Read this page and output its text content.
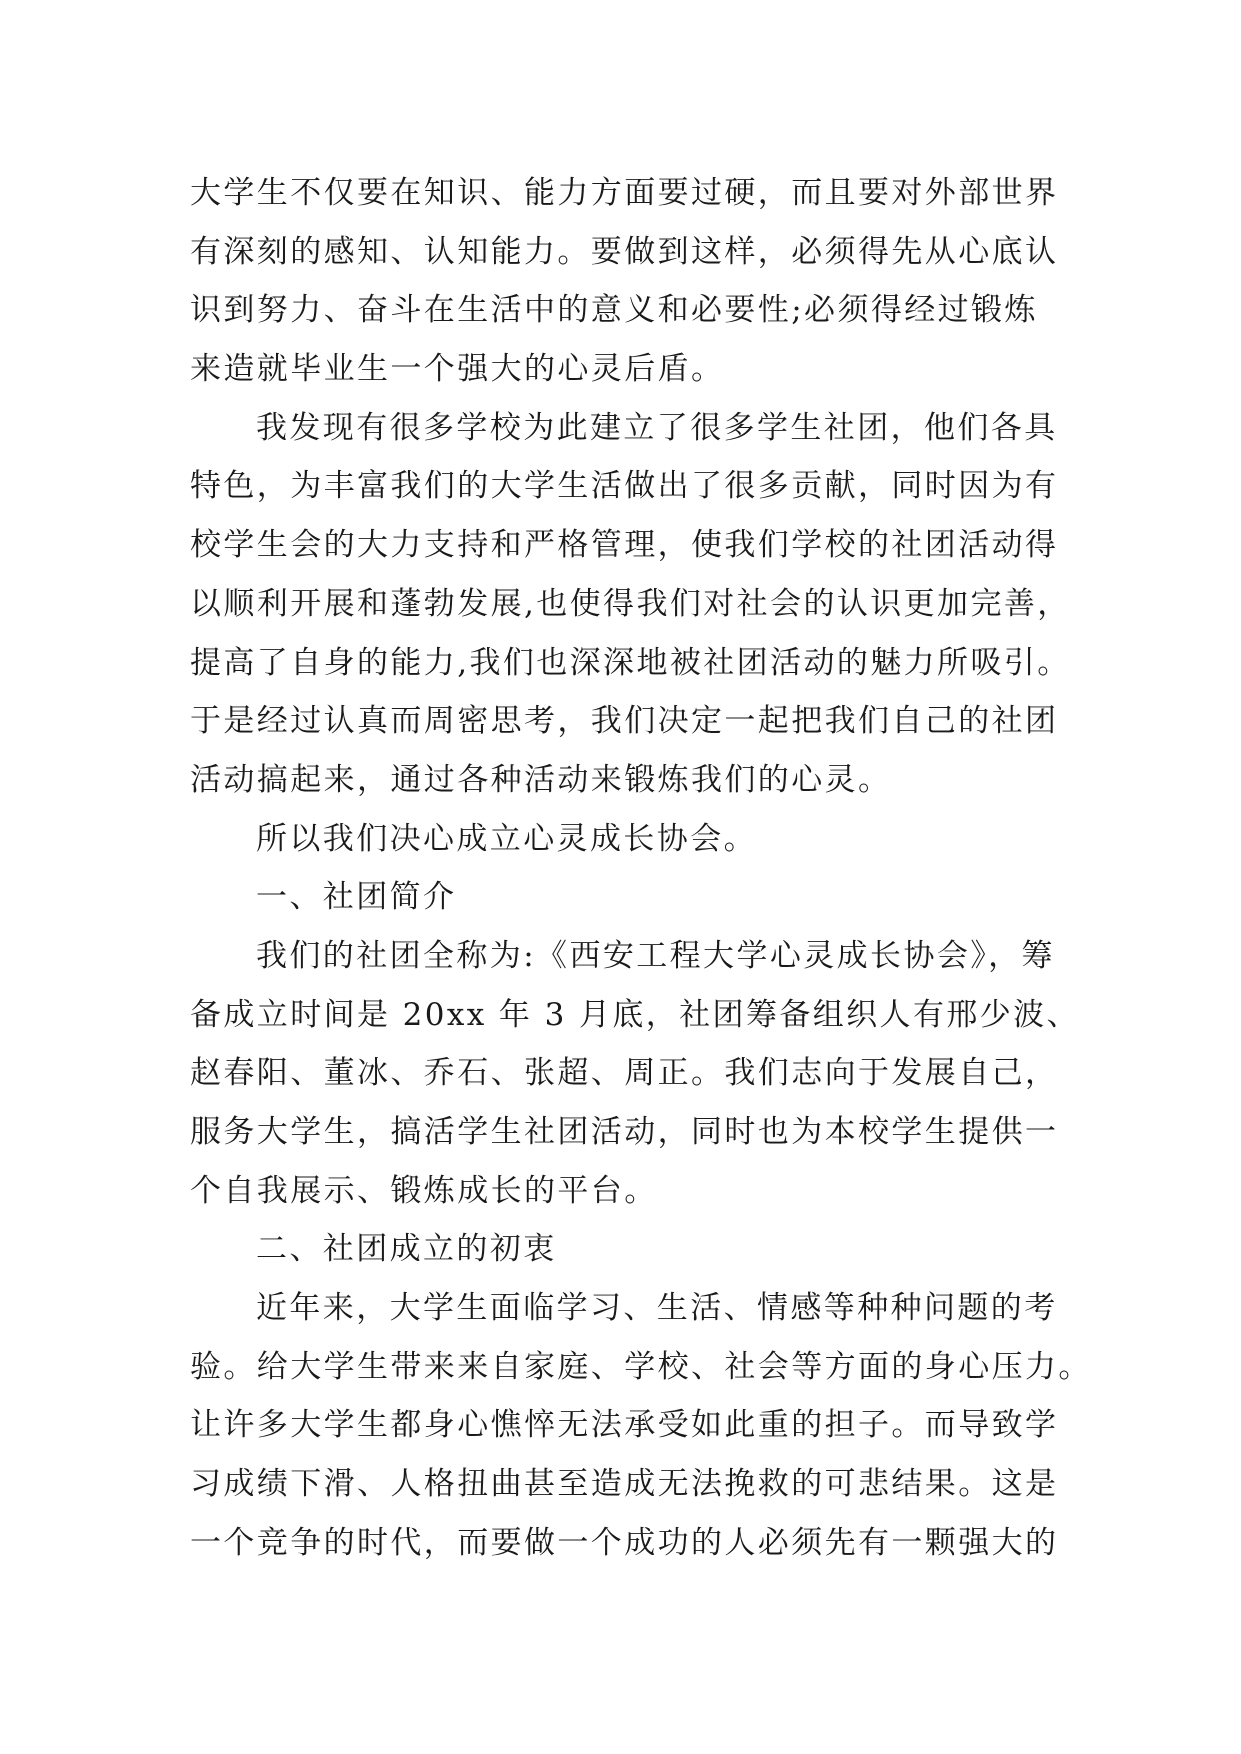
大学生不仅要在知识、能力方面要过硬，而且要对外部世界
有深刻的感知、认知能力。要做到这样，必须得先从心底认
识到努力、奋斗在生活中的意义和必要性;必须得经过锻炼
来造就毕业生一个强大的心灵后盾。
我发现有很多学校为此建立了很多学生社团，他们各具
特色，为丰富我们的大学生活做出了很多贡献，同时因为有
校学生会的大力支持和严格管理，使我们学校的社团活动得
以顺利开展和蓬勃发展,也使得我们对社会的认识更加完善，
提高了自身的能力,我们也深深地被社团活动的魅力所吸引。
于是经过认真而周密思考，我们决定一起把我们自己的社团
活动搞起来，通过各种活动来锻炼我们的心灵。
所以我们决心成立心灵成长协会。
一、社团简介
我们的社团全称为:《西安工程大学心灵成长协会》，筹
备成立时间是 20xx 年 3 月底，社团筹备组织人有邢少波、
赵春阳、董冰、乔石、张超、周正。我们志向于发展自己，
服务大学生，搞活学生社团活动，同时也为本校学生提供一
个自我展示、锻炼成长的平台。
二、社团成立的初衷
近年来，大学生面临学习、生活、情感等种种问题的考
验。给大学生带来来自家庭、学校、社会等方面的身心压力。
让许多大学生都身心憔悴无法承受如此重的担子。而导致学
习成绩下滑、人格扭曲甚至造成无法挽救的可悲结果。这是
一个竞争的时代，而要做一个成功的人必须先有一颗强大的
